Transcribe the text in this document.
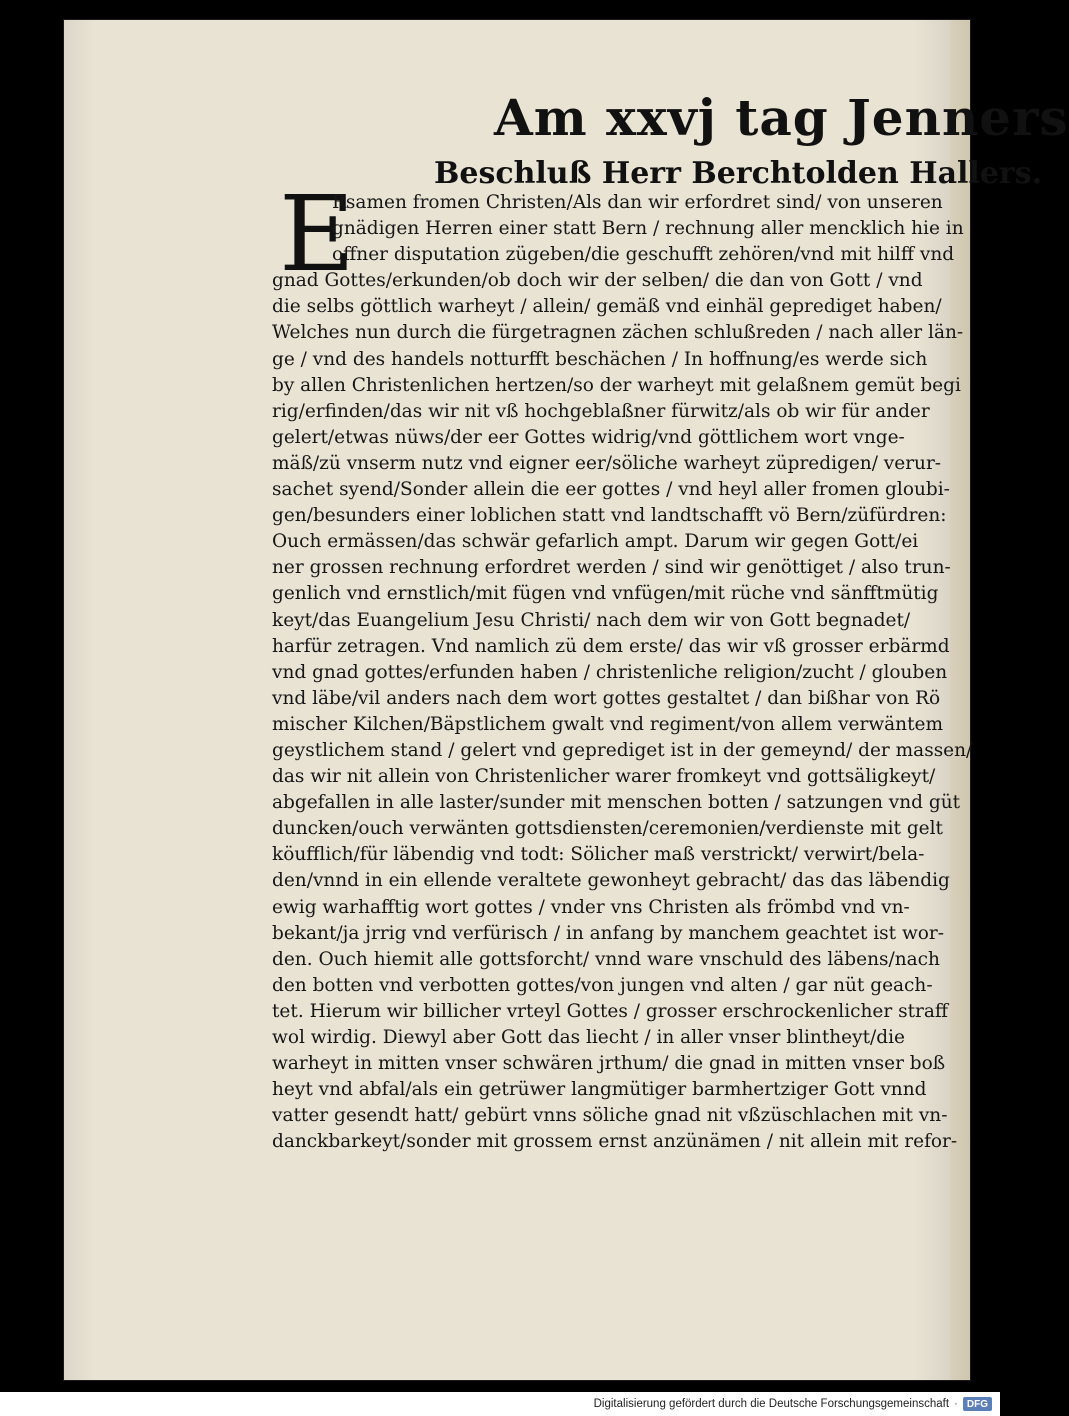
Am xxvj tag Jenners
Beschluß Herr Berchtolden Hallers.
E
Rsamen fromen Christen/Als dan wir erfordret sind/ von unseren
gnädigen Herren einer statt Bern / rechnung aller mencklich hie in
offner disputation zügeben/die geschufft zehören/vnd mit hilff vnd
gnad Gottes/erkunden/ob doch wir der selben/ die dan von Gott / vnd
die selbs göttlich warheyt / allein/ gemäß vnd einhäl geprediget haben/
Welches nun durch die fürgetragnen zächen schlußreden / nach aller län-
ge / vnd des handels notturfft beschächen / In hoffnung/es werde sich
by allen Christenlichen hertzen/so der warheyt mit gelaßnem gemüt begi
rig/erfinden/das wir nit vß hochgeblaßner fürwitz/als ob wir für ander
gelert/etwas nüws/der eer Gottes widrig/vnd göttlichem wort vnge-
mäß/zü vnserm nutz vnd eigner eer/söliche warheyt züpredigen/ verur-
sachet syend/Sonder allein die eer gottes / vnd heyl aller fromen gloubi-
gen/besunders einer loblichen statt vnd landtschafft vö Bern/züfürdren:
Ouch ermässen/das schwär gefarlich ampt. Darum wir gegen Gott/ei
ner grossen rechnung erfordret werden / sind wir genöttiget / also trun-
genlich vnd ernstlich/mit fügen vnd vnfügen/mit rüche vnd sänfftmütig
keyt/das Euangelium Jesu Christi/ nach dem wir von Gott begnadet/
harfür zetragen. Vnd namlich zü dem erste/ das wir vß grosser erbärmd
vnd gnad gottes/erfunden haben / christenliche religion/zucht / glouben
vnd läbe/vil anders nach dem wort gottes gestaltet / dan bißhar von Rö
mischer Kilchen/Bäpstlichem gwalt vnd regiment/von allem verwäntem
geystlichem stand / gelert vnd geprediget ist in der gemeynd/ der massen/
das wir nit allein von Christenlicher warer fromkeyt vnd gottsäligkeyt/
abgefallen in alle laster/sunder mit menschen botten / satzungen vnd güt
duncken/ouch verwänten gottsdiensten/ceremonien/verdienste mit gelt
köufflich/für läbendig vnd todt: Sölicher maß verstrickt/ verwirt/bela-
den/vnnd in ein ellende veraltete gewonheyt gebracht/ das das läbendig
ewig warhafftig wort gottes / vnder vns Christen als frömbd vnd vn-
bekant/ja jrrig vnd verfürisch / in anfang by manchem geachtet ist wor-
den. Ouch hiemit alle gottsforcht/ vnnd ware vnschuld des läbens/nach
den botten vnd verbotten gottes/von jungen vnd alten / gar nüt geach-
tet. Hierum wir billicher vrteyl Gottes / grosser erschrockenlicher straff
wol wirdig. Diewyl aber Gott das liecht / in aller vnser blintheyt/die
warheyt in mitten vnser schwären jrthum/ die gnad in mitten vnser boß
heyt vnd abfal/als ein getrüwer langmütiger barmhertziger Gott vnnd
vatter gesendt hatt/ gebürt vnns söliche gnad nit vßzüschlachen mit vn-
danckbarkeyt/sonder mit grossem ernst anzünämen / nit allein mit refor-
Digitalisierung gefördert durch die Deutsche Forschungsgemeinschaft · DFG
